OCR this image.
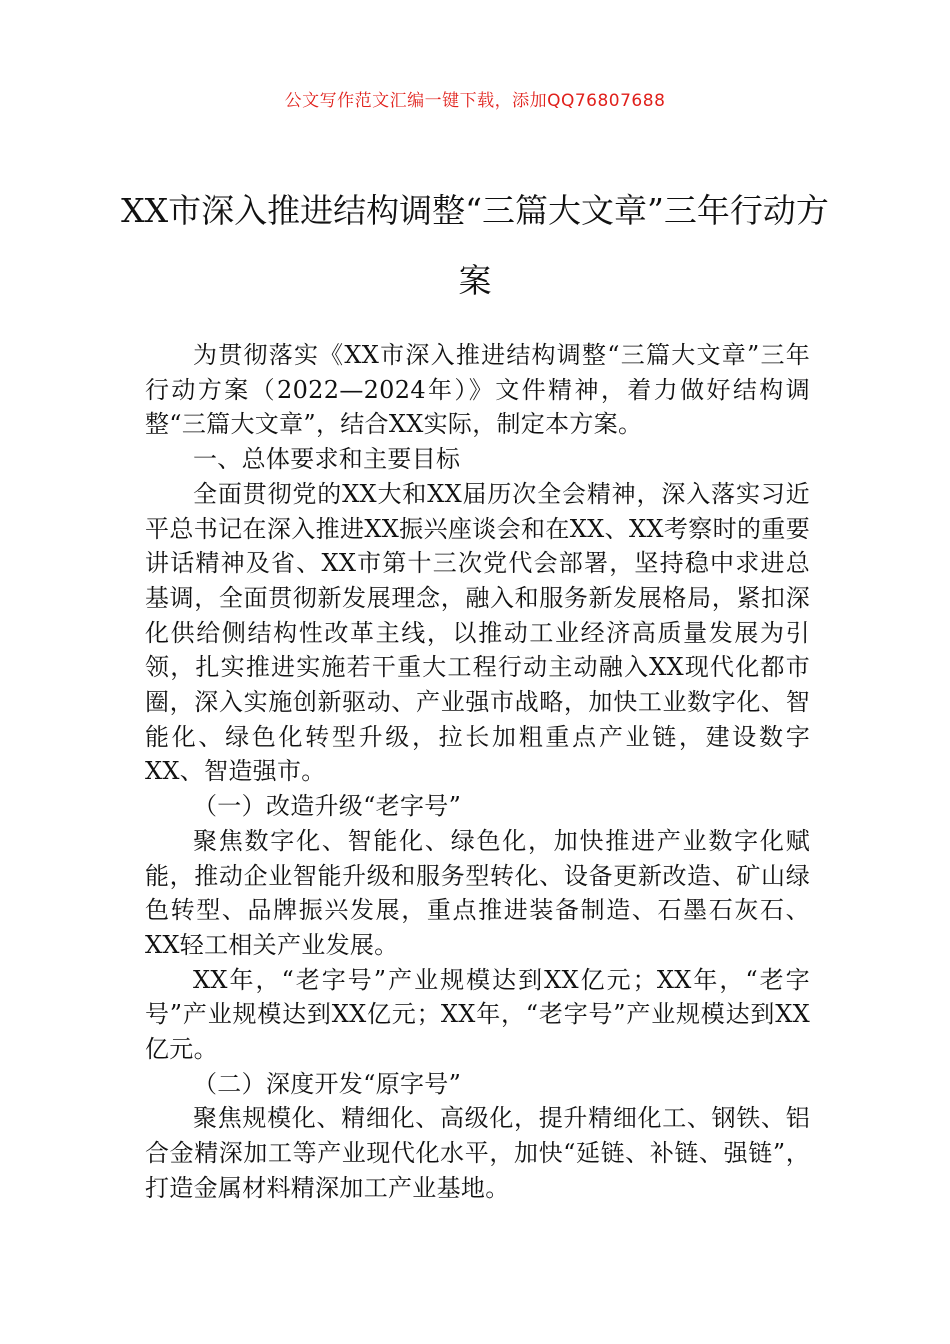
公文写作范文汇编一键下载，添加QQ76807688
XX市深入推进结构调整“三篇大文章”三年行动方案

为贯彻落实《XX市深入推进结构调整“三篇大文章”三年行动方案（2022—2024年）》文件精神，着力做好结构调整“三篇大文章”，结合XX实际，制定本方案。

一、总体要求和主要目标

全面贯彻党的XX大和XX届历次全会精神，深入落实习近平总书记在深入推进XX振兴座谈会和在XX、XX考察时的重要讲话精神及省、XX市第十三次党代会部署，坚持稳中求进总基调，全面贯彻新发展理念，融入和服务新发展格局，紧扣深化供给侧结构性改革主线，以推动工业经济高质量发展为引领，扎实推进实施若干重大工程行动主动融入XX现代化都市圈，深入实施创新驱动、产业强市战略，加快工业数字化、智能化、绿色化转型升级，拉长加粗重点产业链，建设数字XX、智造强市。

（一）改造升级“老字号”

聚焦数字化、智能化、绿色化，加快推进产业数字化赋能，推动企业智能升级和服务型转化、设备更新改造、矿山绿色转型、品牌振兴发展，重点推进装备制造、石墨石灰石、XX轻工相关产业发展。

XX年，“老字号”产业规模达到XX亿元；XX年，“老字号”产业规模达到XX亿元；XX年，“老字号”产业规模达到XX亿元。

（二）深度开发“原字号”

聚焦规模化、精细化、高级化，提升精细化工、钢铁、铝合金精深加工等产业现代化水平，加快“延链、补链、强链”，打造金属材料精深加工产业基地。
